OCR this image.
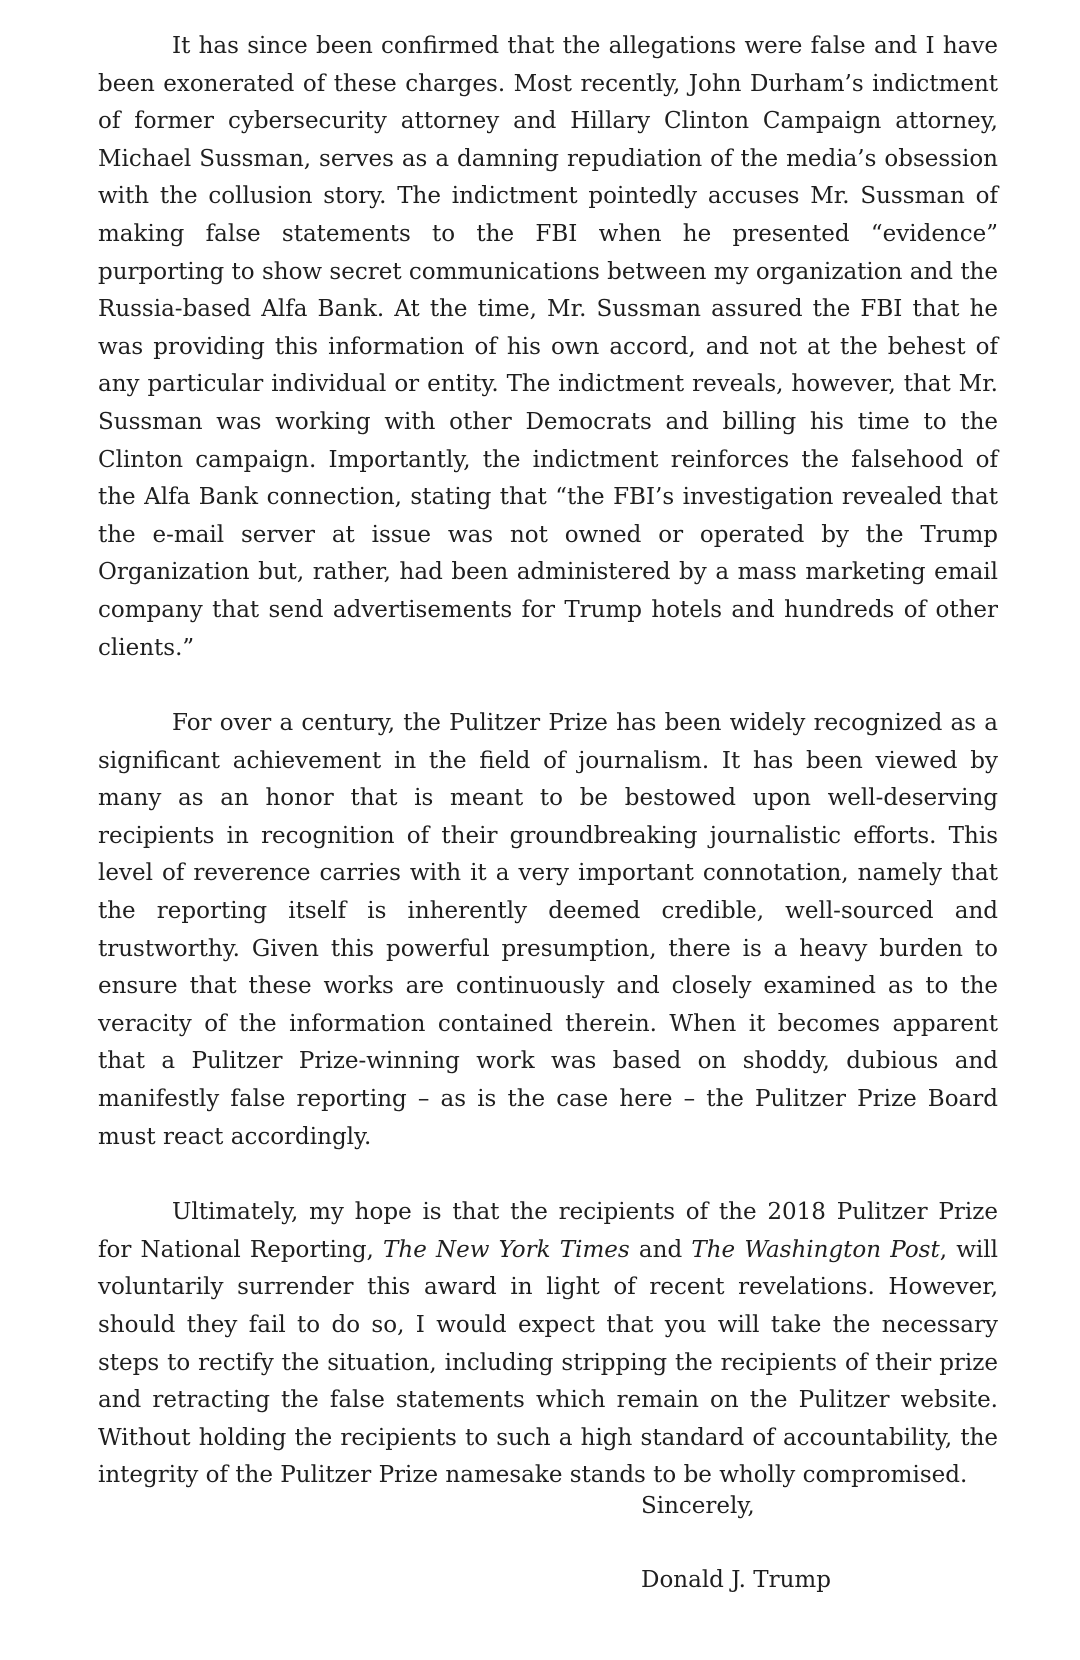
It has since been confirmed that the allegations were false and I have been exonerated of these charges. Most recently, John Durham’s indictment of former cybersecurity attorney and Hillary Clinton Campaign attorney, Michael Sussman, serves as a damning repudiation of the media’s obsession with the collusion story. The indictment pointedly accuses Mr. Sussman of making false statements to the FBI when he presented “evidence” purporting to show secret communications between my organization and the Russia-based Alfa Bank. At the time, Mr. Sussman assured the FBI that he was providing this information of his own accord, and not at the behest of any particular individual or entity. The indictment reveals, however, that Mr. Sussman was working with other Democrats and billing his time to the Clinton campaign. Importantly, the indictment reinforces the falsehood of the Alfa Bank connection, stating that “the FBI’s investigation revealed that the e-mail server at issue was not owned or operated by the Trump Organization but, rather, had been administered by a mass marketing email company that send advertisements for Trump hotels and hundreds of other clients.”

For over a century, the Pulitzer Prize has been widely recognized as a significant achievement in the field of journalism. It has been viewed by many as an honor that is meant to be bestowed upon well-deserving recipients in recognition of their groundbreaking journalistic efforts. This level of reverence carries with it a very important connotation, namely that the reporting itself is inherently deemed credible, well-sourced and trustworthy. Given this powerful presumption, there is a heavy burden to ensure that these works are continuously and closely examined as to the veracity of the information contained therein. When it becomes apparent that a Pulitzer Prize-winning work was based on shoddy, dubious and manifestly false reporting – as is the case here – the Pulitzer Prize Board must react accordingly.

Ultimately, my hope is that the recipients of the 2018 Pulitzer Prize for National Reporting, The New York Times and The Washington Post, will voluntarily surrender this award in light of recent revelations. However, should they fail to do so, I would expect that you will take the necessary steps to rectify the situation, including stripping the recipients of their prize and retracting the false statements which remain on the Pulitzer website. Without holding the recipients to such a high standard of accountability, the integrity of the Pulitzer Prize namesake stands to be wholly compromised.

Sincerely,

Donald J. Trump
